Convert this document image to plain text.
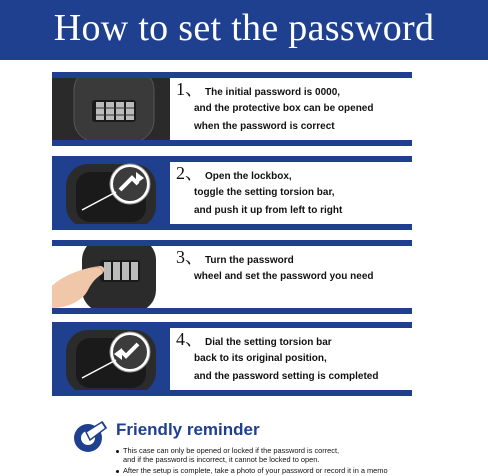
How to set the password
1、 The initial password is 0000,
and the protective box can be opened
when the password is correct
2、 Open the lockbox,
toggle the setting torsion bar,
and push it up from left to right
3、 Turn the password
wheel and set the password you need
4、 Dial the setting torsion bar
back to its original position,
and the password setting is completed
Friendly reminder
This case can only be opened or locked if the password is correct,
and if the password is incorrect, it cannot be locked to open.
After the setup is complete, take a photo of your password or record it in a memo
